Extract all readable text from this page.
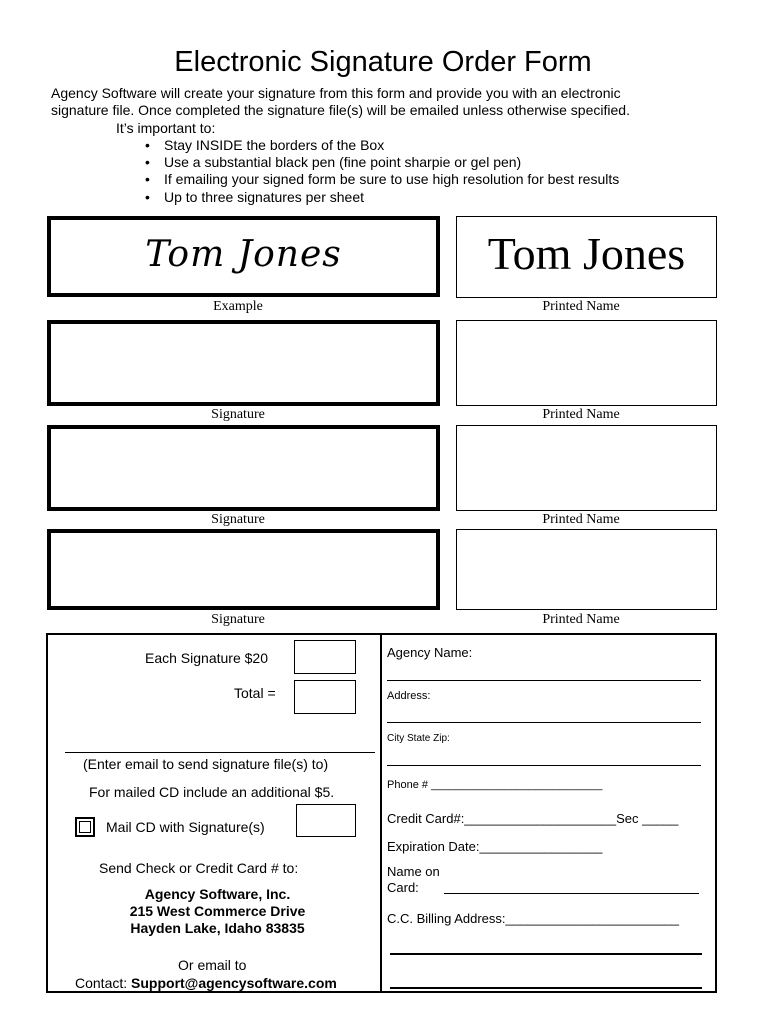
Electronic Signature Order Form
Agency Software will create your signature from this form and provide you with an electronic
signature file. Once completed the signature file(s) will be emailed unless otherwise specified.
It’s important to:
• Stay INSIDE the borders of the Box
• Use a substantial black pen (fine point sharpie or gel pen)
• If emailing your signed form be sure to use high resolution for best results
• Up to three signatures per sheet
Tom Jones	Tom Jones
Example	Printed Name
Signature	Printed Name
Signature	Printed Name
Signature	Printed Name
Each Signature $20
Total =
(Enter email to send signature file(s) to)
For mailed CD include an additional $5.
Mail CD with Signature(s)
Send Check or Credit Card # to:
Agency Software, Inc.
215 West Commerce Drive
Hayden Lake, Idaho 83835
Or email to
Contact: Support@agencysoftware.com
Agency Name:
Address:
City State Zip:
Phone # ____________________________
Credit Card#:_____________________Sec _____
Expiration Date:_________________
Name on
Card:
C.C. Billing Address:________________________
